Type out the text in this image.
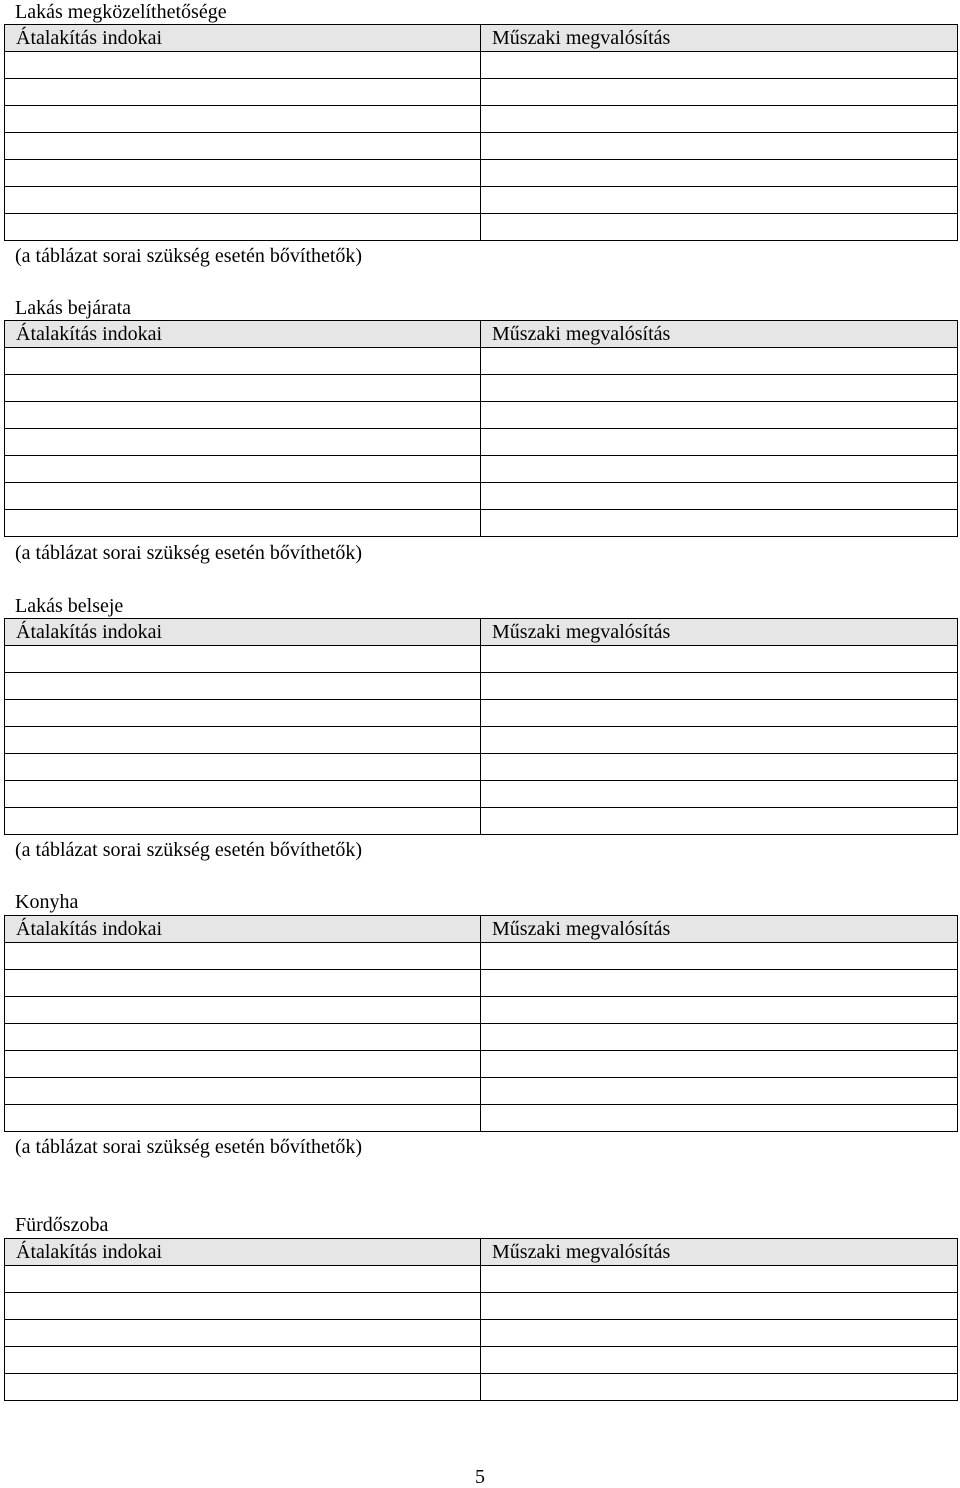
Lakás megközelíthetősége
Átalakítás indokai	Műszaki megvalósítás

(a táblázat sorai szükség esetén bővíthetők)
Lakás bejárata
Átalakítás indokai	Műszaki megvalósítás

(a táblázat sorai szükség esetén bővíthetők)
Lakás belseje
Átalakítás indokai	Műszaki megvalósítás

(a táblázat sorai szükség esetén bővíthetők)
Konyha
Átalakítás indokai	Műszaki megvalósítás

(a táblázat sorai szükség esetén bővíthetők)
Fürdőszoba
Átalakítás indokai	Műszaki megvalósítás

5
